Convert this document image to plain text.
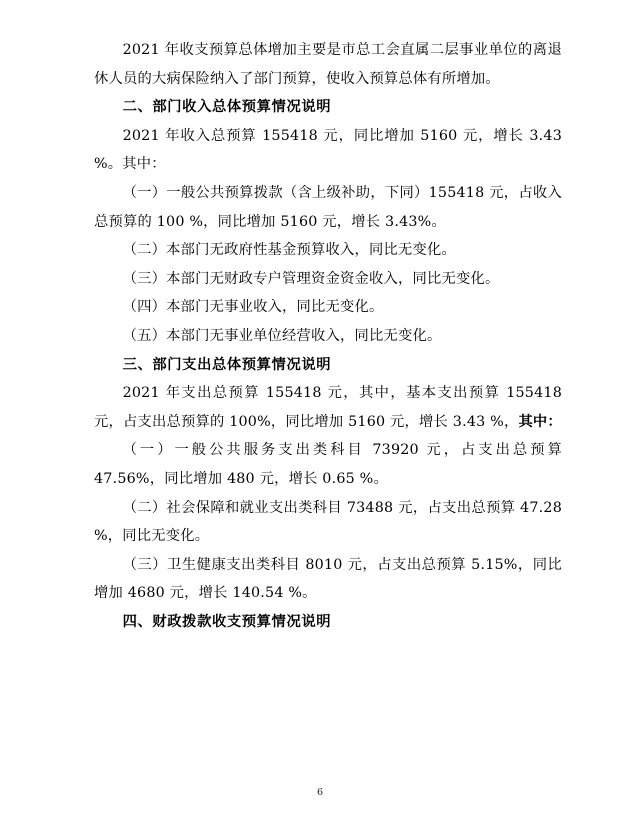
2021 年收支预算总体增加主要是市总工会直属二层事业单位的离退休人员的大病保险纳入了部门预算，使收入预算总体有所增加。

二、部门收入总体预算情况说明

2021 年收入总预算 155418 元，同比增加 5160 元，增长 3.43 %。其中：

（一）一般公共预算拨款（含上级补助，下同）155418 元，占收入总预算的 100 %，同比增加 5160 元，增长 3.43%。

（二）本部门无政府性基金预算收入，同比无变化。

（三）本部门无财政专户管理资金资金收入，同比无变化。

（四）本部门无事业收入，同比无变化。

（五）本部门无事业单位经营收入，同比无变化。

三、部门支出总体预算情况说明

2021 年支出总预算 155418 元，其中，基本支出预算 155418 元，占支出总预算的 100%，同比增加 5160 元，增长 3.43 %，其中：

（一）一般公共服务支出类科目 73920 元，占支出总预算 47.56%，同比增加 480 元，增长 0.65 %。

（二）社会保障和就业支出类科目 73488 元，占支出总预算 47.28 %，同比无变化。

（三）卫生健康支出类科目 8010 元，占支出总预算 5.15%，同比增加 4680 元，增长 140.54 %。

四、财政拨款收支预算情况说明

6
